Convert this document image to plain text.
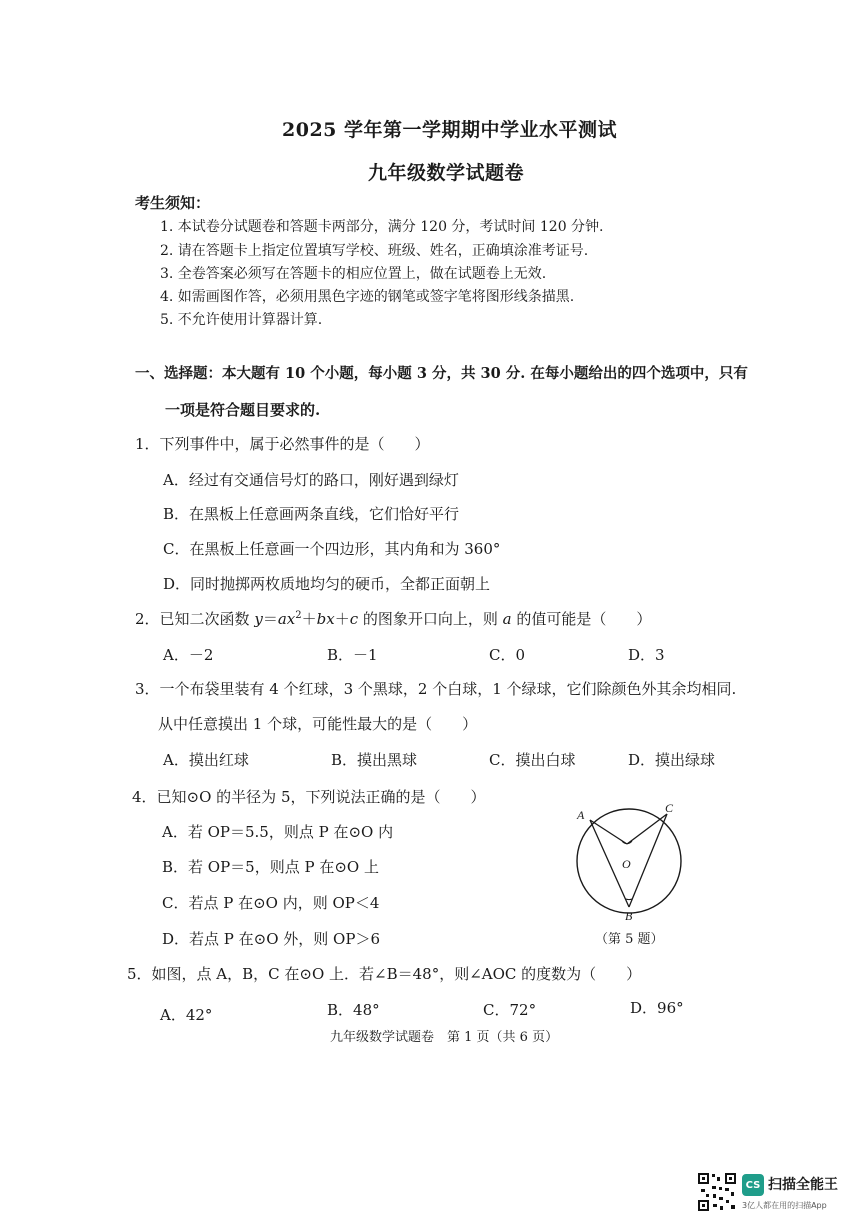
2025 学年第一学期期中学业水平测试
九年级数学试题卷
考生须知：
1. 本试卷分试题卷和答题卡两部分，满分 120 分，考试时间 120 分钟.
2. 请在答题卡上指定位置填写学校、班级、姓名，正确填涂准考证号.
3. 全卷答案必须写在答题卡的相应位置上，做在试题卷上无效.
4. 如需画图作答，必须用黑色字迹的钢笔或签字笔将图形线条描黑.
5. 不允许使用计算器计算.
一、选择题：本大题有 10 个小题，每小题 3 分，共 30 分. 在每小题给出的四个选项中，只有
一项是符合题目要求的.
1．下列事件中，属于必然事件的是（　　）
A．经过有交通信号灯的路口，刚好遇到绿灯
B．在黑板上任意画两条直线，它们恰好平行
C．在黑板上任意画一个四边形，其内角和为 360°
D．同时抛掷两枚质地均匀的硬币，全都正面朝上
2．已知二次函数 $y=ax^2+bx+c$ 的图象开口向上，则 a 的值可能是（　　）
A．－2	B．－1	C．0	D．3
3．一个布袋里装有 4 个红球，3 个黑球，2 个白球，1 个绿球，它们除颜色外其余均相同.
从中任意摸出 1 个球，可能性最大的是（　　）
A．摸出红球	B．摸出黑球	C．摸出白球	D．摸出绿球
4．已知⊙O 的半径为 5，下列说法正确的是（　　）
A．若 OP＝5.5，则点 P 在⊙O 内
B．若 OP＝5，则点 P 在⊙O 上
C．若点 P 在⊙O 内，则 OP＜4
D．若点 P 在⊙O 外，则 OP＞6
A	C
O
B
（第 5 题）
5．如图，点 A，B，C 在⊙O 上．若∠B＝48°，则∠AOC 的度数为（　　）
A．42°	B．48°	C．72°	D．96°
九年级数学试题卷　第 1 页（共 6 页）
CS 扫描全能王
3亿人都在用的扫描App
